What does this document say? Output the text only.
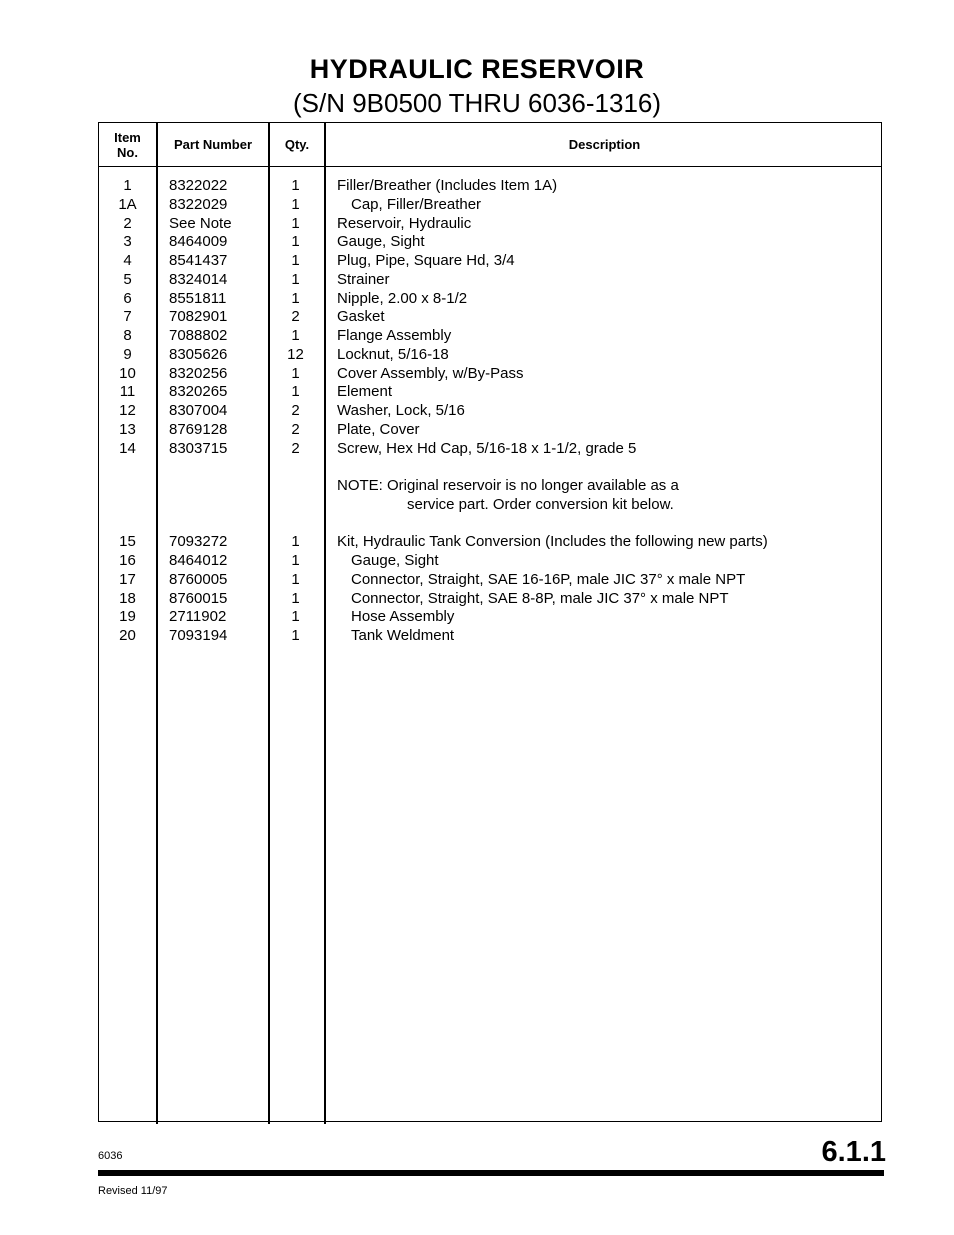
HYDRAULIC RESERVOIR
(S/N 9B0500 THRU 6036-1316)
Item
No.	Part Number	Qty.	Description
1	8322022	1	Filler/Breather (Includes Item 1A)
1A	8322029	1	Cap, Filler/Breather
2	See Note	1	Reservoir, Hydraulic
3	8464009	1	Gauge, Sight
4	8541437	1	Plug, Pipe, Square Hd, 3/4
5	8324014	1	Strainer
6	8551811	1	Nipple, 2.00 x 8-1/2
7	7082901	2	Gasket
8	7088802	1	Flange Assembly
9	8305626	12	Locknut, 5/16-18
10	8320256	1	Cover Assembly, w/By-Pass
11	8320265	1	Element
12	8307004	2	Washer, Lock, 5/16
13	8769128	2	Plate, Cover
14	8303715	2	Screw, Hex Hd Cap, 5/16-18 x 1-1/2, grade 5
NOTE: Original reservoir is no longer available as a
service part. Order conversion kit below.
15	7093272	1	Kit, Hydraulic Tank Conversion (Includes the following new parts)
16	8464012	1	Gauge, Sight
17	8760005	1	Connector, Straight, SAE 16-16P, male JIC 37° x male NPT
18	8760015	1	Connector, Straight, SAE 8-8P, male JIC 37° x male NPT
19	2711902	1	Hose Assembly
20	7093194	1	Tank Weldment
6036	6.1.1
Revised 11/97
